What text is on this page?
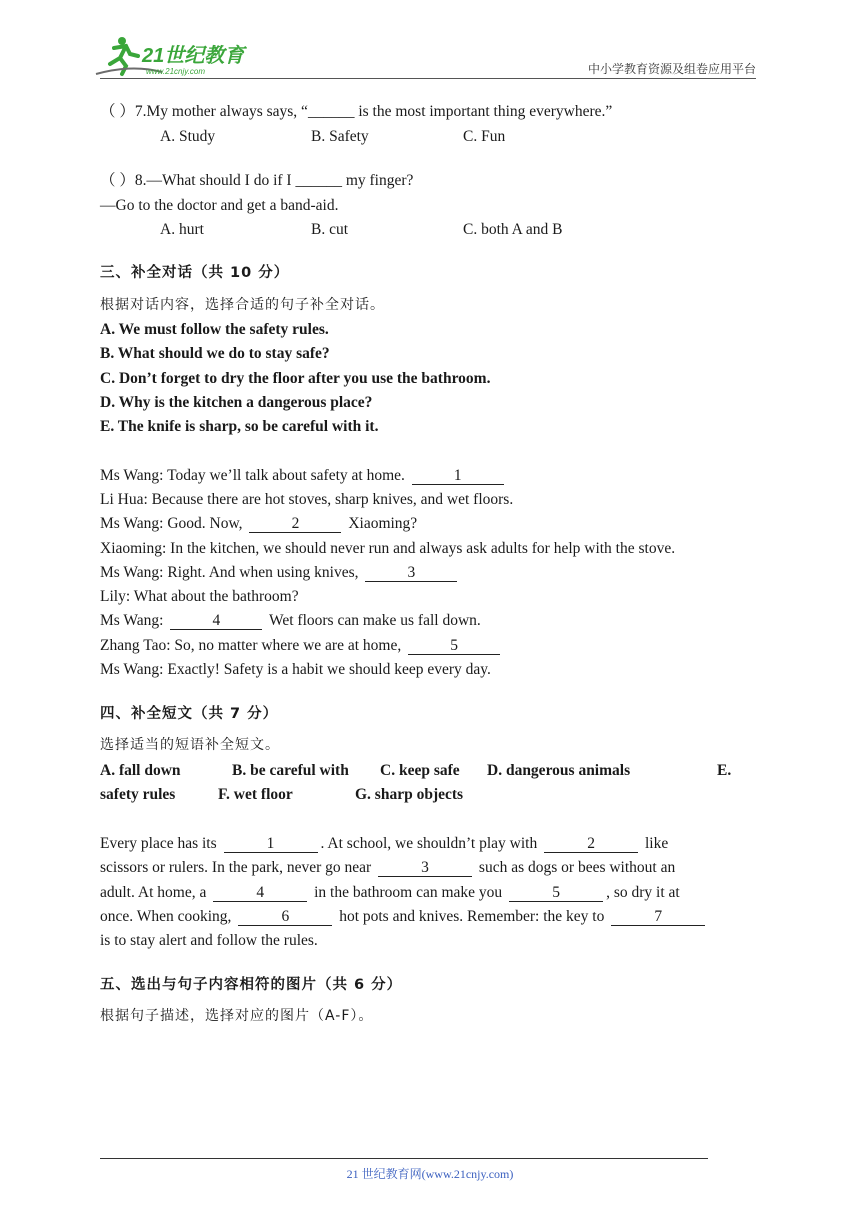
21世纪教育
www.21cnjy.com	中小学教育资源及组卷应用平台
（ ）7.My mother always says, “______ is the most important thing everywhere.”
A. Study	B. Safety	C. Fun
（ ）8.—What should I do if I ______ my finger?
—Go to the doctor and get a band-aid.
A. hurt	B. cut	C. both A and B
三、补全对话（共 10 分）
根据对话内容，选择合适的句子补全对话。
A. We must follow the safety rules.
B. What should we do to stay safe?
C. Don’t forget to dry the floor after you use the bathroom.
D. Why is the kitchen a dangerous place?
E. The knife is sharp, so be careful with it.
Ms Wang: Today we’ll talk about safety at home.	1
Li Hua: Because there are hot stoves, sharp knives, and wet floors.
Ms Wang: Good. Now,	2	Xiaoming?
Xiaoming: In the kitchen, we should never run and always ask adults for help with the stove.
Ms Wang: Right. And when using knives,	3
Lily: What about the bathroom?
Ms Wang:	4	Wet floors can make us fall down.
Zhang Tao: So, no matter where we are at home,	5
Ms Wang: Exactly! Safety is a habit we should keep every day.
四、补全短文（共 7 分）
选择适当的短语补全短文。
A. fall down	B. be careful with C. keep safe D. dangerous animals	E.
safety rules	F. wet floor	G. sharp objects
Every place has its	1	. At school, we shouldn’t play with	2	like
scissors or rulers. In the park, never go near	3	such as dogs or bees without an
adult. At home, a	4	in the bathroom can make you	5	, so dry it at
once. When cooking,	6	hot pots and knives. Remember: the key to	7
is to stay alert and follow the rules.
五、选出与句子内容相符的图片（共 6 分）
根据句子描述，选择对应的图片（A-F）。
21 世纪教育网(www.21cnjy.com)
